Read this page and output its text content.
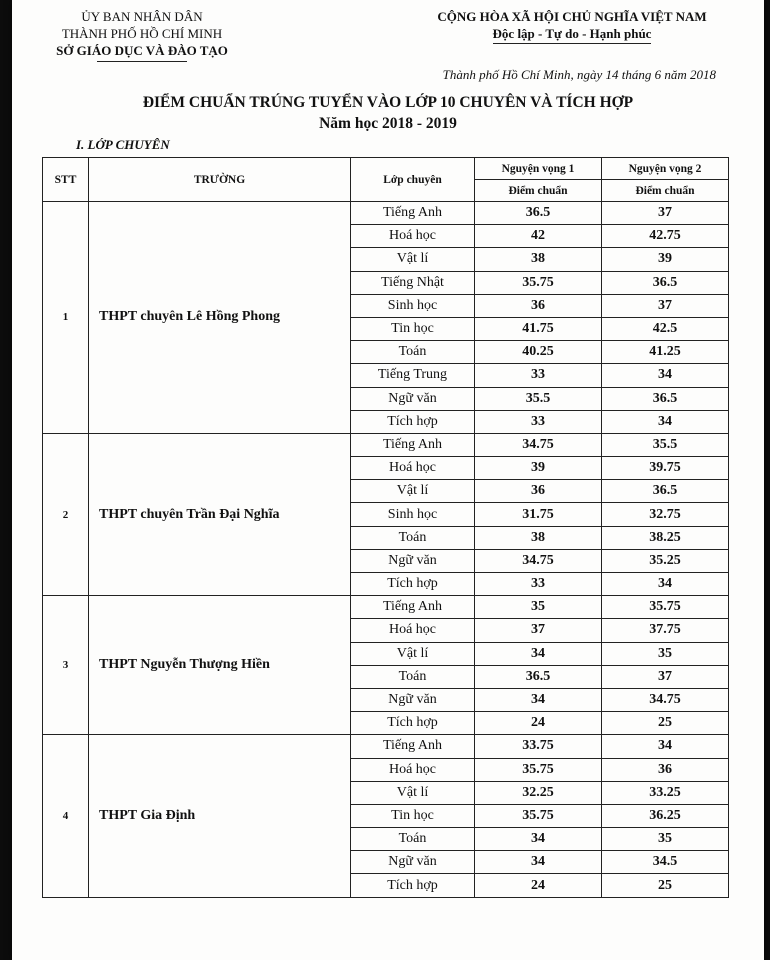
ỦY BAN NHÂN DÂN
THÀNH PHỐ HỒ CHÍ MINH
SỞ GIÁO DỤC VÀ ĐÀO TẠO
CỘNG HÒA XÃ HỘI CHỦ NGHĨA VIỆT NAM
Độc lập - Tự do - Hạnh phúc
Thành phố Hồ Chí Minh, ngày 14 tháng 6 năm 2018
ĐIỂM CHUẨN TRÚNG TUYỂN VÀO LỚP 10 CHUYÊN VÀ TÍCH HỢP
Năm học 2018 - 2019
I. LỚP CHUYÊN
STT	TRƯỜNG	Lớp chuyên	Nguyện vọng 1	Nguyện vọng 2
			Điểm chuẩn	Điểm chuẩn
1	THPT chuyên Lê Hồng Phong	Tiếng Anh	36.5	37
		Hoá học	42	42.75
		Vật lí	38	39
		Tiếng Nhật	35.75	36.5
		Sinh học	36	37
		Tin học	41.75	42.5
		Toán	40.25	41.25
		Tiếng Trung	33	34
		Ngữ văn	35.5	36.5
		Tích hợp	33	34
2	THPT chuyên Trần Đại Nghĩa	Tiếng Anh	34.75	35.5
		Hoá học	39	39.75
		Vật lí	36	36.5
		Sinh học	31.75	32.75
		Toán	38	38.25
		Ngữ văn	34.75	35.25
		Tích hợp	33	34
3	THPT Nguyễn Thượng Hiền	Tiếng Anh	35	35.75
		Hoá học	37	37.75
		Vật lí	34	35
		Toán	36.5	37
		Ngữ văn	34	34.75
		Tích hợp	24	25
4	THPT Gia Định	Tiếng Anh	33.75	34
		Hoá học	35.75	36
		Vật lí	32.25	33.25
		Tin học	35.75	36.25
		Toán	34	35
		Ngữ văn	34	34.5
		Tích hợp	24	25
